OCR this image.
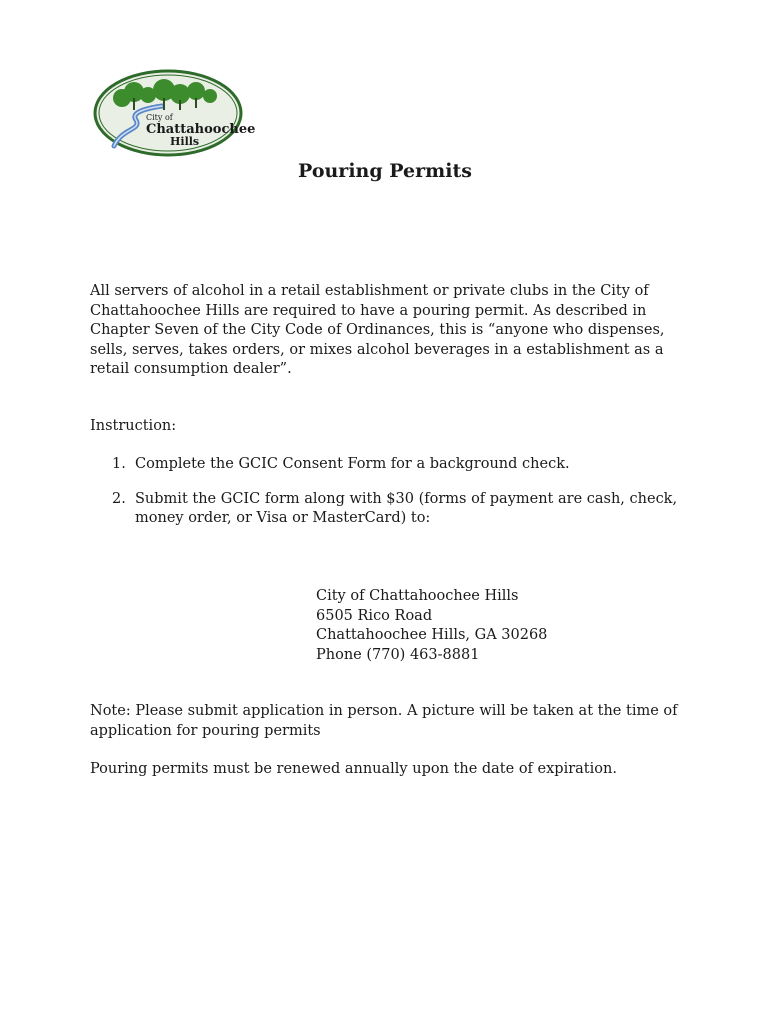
City of
Chattahoochee
Hills
Pouring Permits

All servers of alcohol in a retail establishment or private clubs in the City of Chattahoochee Hills are required to have a pouring permit. As described in Chapter Seven of the City Code of Ordinances, this is “anyone who dispenses, sells, serves, takes orders, or mixes alcohol beverages in a establishment as a retail consumption dealer”.

Instruction:

1. Complete the GCIC Consent Form for a background check.
2. Submit the GCIC form along with $30 (forms of payment are cash, check, money order, or Visa or MasterCard) to:
City of Chattahoochee Hills
6505 Rico Road
Chattahoochee Hills, GA 30268
Phone (770) 463-8881

Note: Please submit application in person. A picture will be taken at the time of application for pouring permits

Pouring permits must be renewed annually upon the date of expiration.
